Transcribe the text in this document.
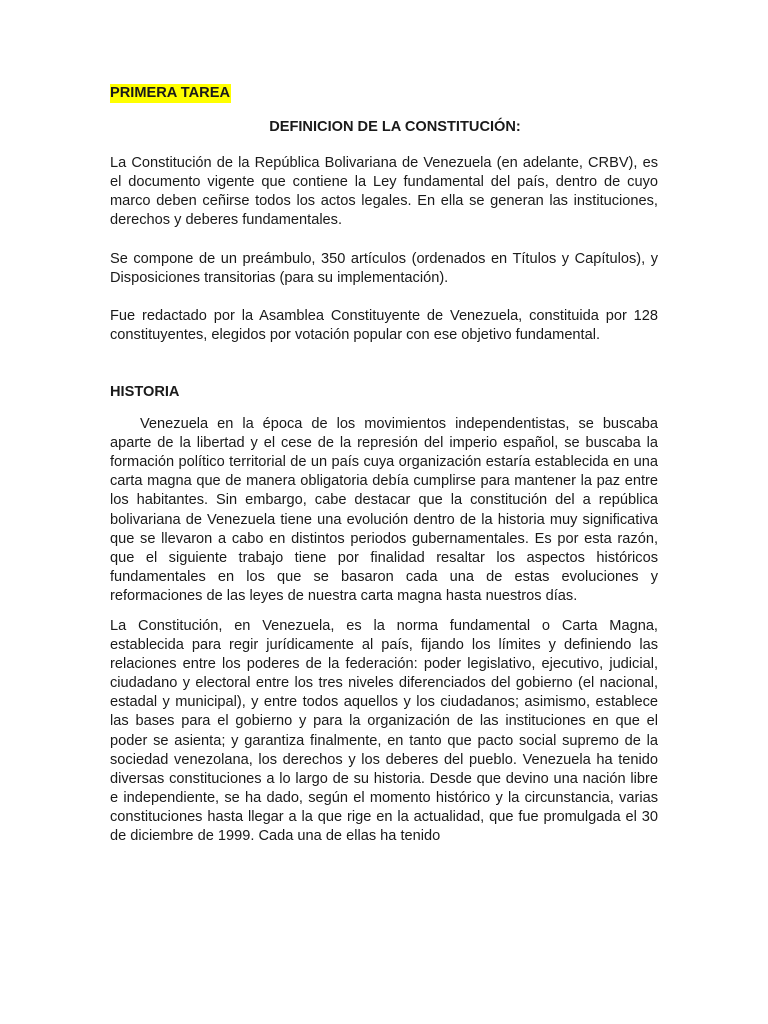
PRIMERA TAREA
DEFINICION DE LA CONSTITUCIÓN:

La Constitución de la República Bolivariana de Venezuela (en adelante, CRBV), es el documento vigente que contiene la Ley fundamental del país, dentro de cuyo marco deben ceñirse todos los actos legales. En ella se generan las instituciones, derechos y deberes fundamentales.

Se compone de un preámbulo, 350 artículos (ordenados en Títulos y Capítulos), y Disposiciones transitorias (para su implementación).

Fue redactado por la Asamblea Constituyente de Venezuela, constituida por 128 constituyentes, elegidos por votación popular con ese objetivo fundamental.

HISTORIA

Venezuela en la época de los movimientos independentistas, se buscaba aparte de la libertad y el cese de la represión del imperio español, se buscaba la formación político territorial de un país cuya organización estaría establecida en una carta magna que de manera obligatoria debía cumplirse para mantener la paz entre los habitantes. Sin embargo, cabe destacar que la constitución del a república bolivariana de Venezuela tiene una evolución dentro de la historia muy significativa que se llevaron a cabo en distintos periodos gubernamentales. Es por esta razón, que el siguiente trabajo tiene por finalidad resaltar los aspectos históricos fundamentales en los que se basaron cada una de estas evoluciones y reformaciones de las leyes de nuestra carta magna hasta nuestros días.

La Constitución, en Venezuela, es la norma fundamental o Carta Magna, establecida para regir jurídicamente al país, fijando los límites y definiendo las relaciones entre los poderes de la federación: poder legislativo, ejecutivo, judicial, ciudadano y electoral entre los tres niveles diferenciados del gobierno (el nacional, estadal y municipal), y entre todos aquellos y los ciudadanos; asimismo, establece las bases para el gobierno y para la organización de las instituciones en que el poder se asienta; y garantiza finalmente, en tanto que pacto social supremo de la sociedad venezolana, los derechos y los deberes del pueblo. Venezuela ha tenido diversas constituciones a lo largo de su historia. Desde que devino una nación libre e independiente, se ha dado, según el momento histórico y la circunstancia, varias constituciones hasta llegar a la que rige en la actualidad, que fue promulgada el 30 de diciembre de 1999. Cada una de ellas ha tenido
